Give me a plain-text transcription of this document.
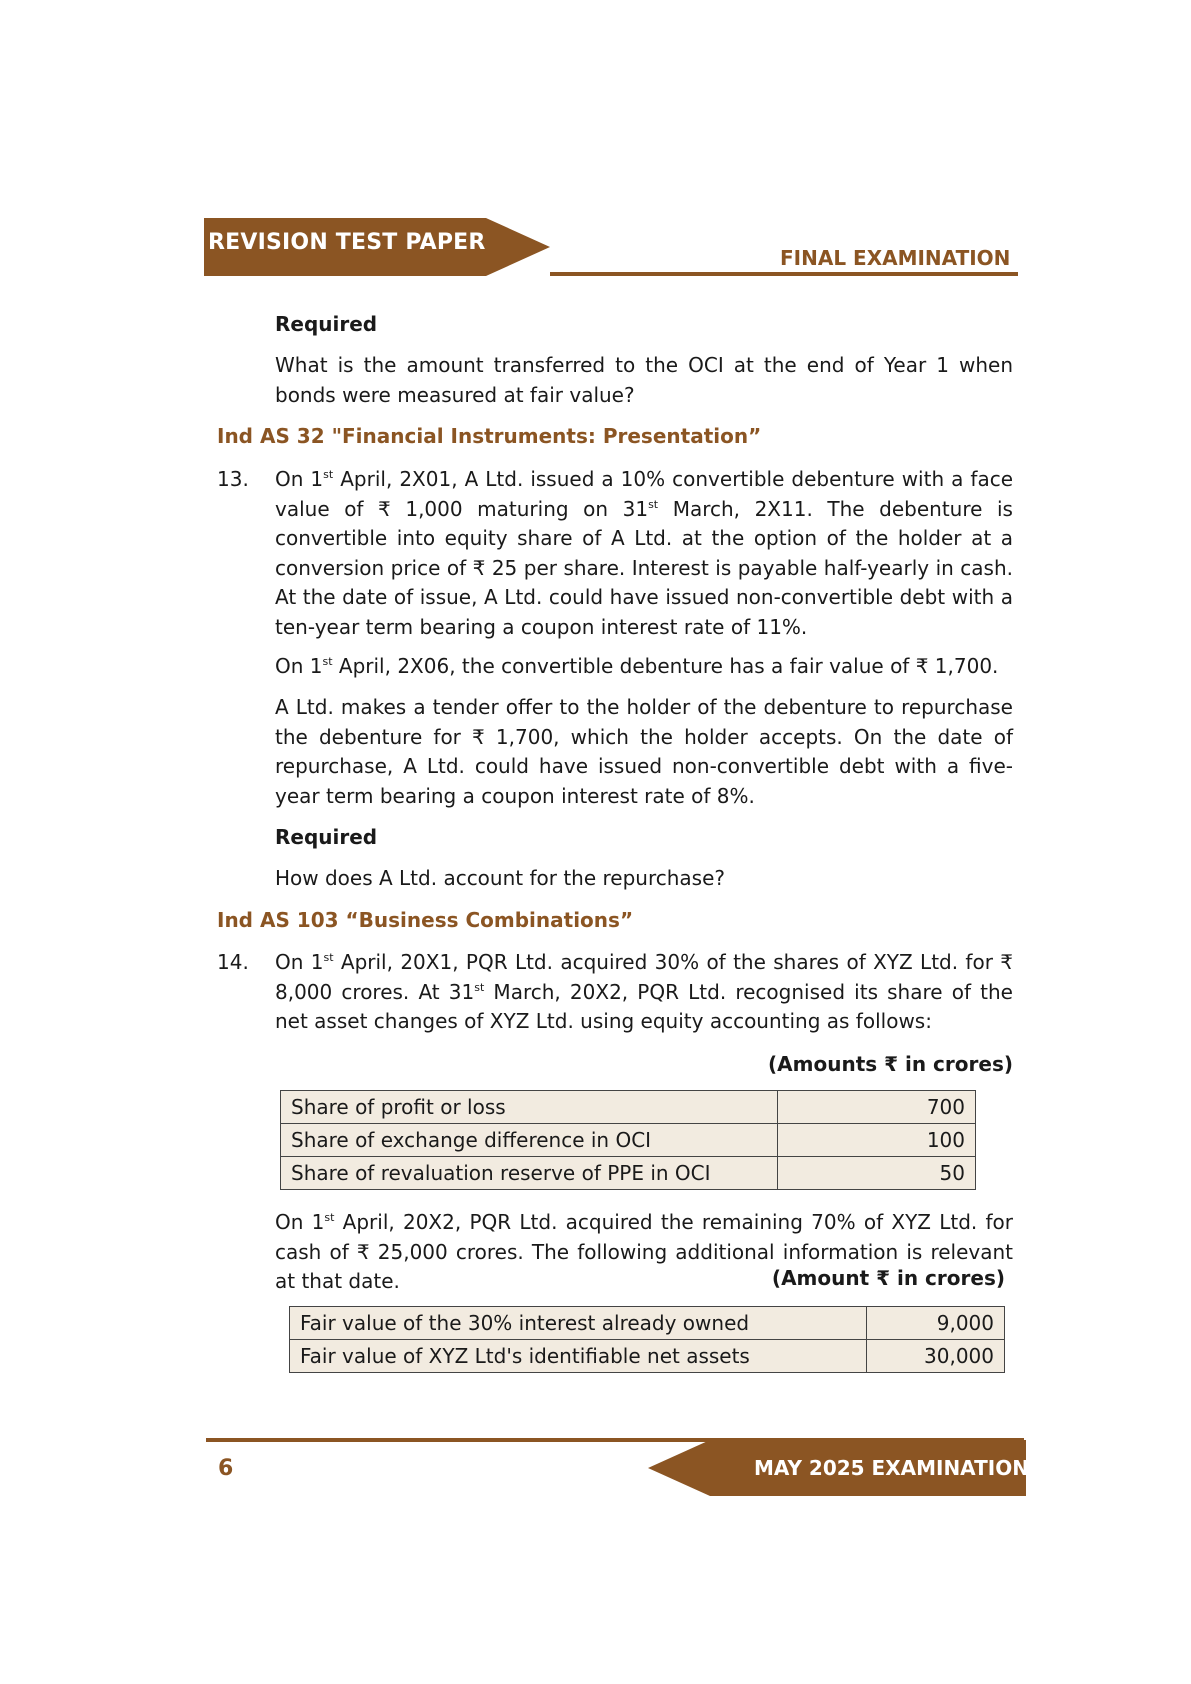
REVISION TEST PAPER
FINAL EXAMINATION
Required
What is the amount transferred to the OCI at the end of Year 1 when bonds were measured at fair value?
Ind AS 32 "Financial Instruments: Presentation”
13. On 1st April, 2X01, A Ltd. issued a 10% convertible debenture with a face value of ₹ 1,000 maturing on 31st March, 2X11. The debenture is convertible into equity share of A Ltd. at the option of the holder at a conversion price of ₹ 25 per share. Interest is payable half-yearly in cash. At the date of issue, A Ltd. could have issued non-convertible debt with a ten-year term bearing a coupon interest rate of 11%.
On 1st April, 2X06, the convertible debenture has a fair value of ₹ 1,700.
A Ltd. makes a tender offer to the holder of the debenture to repurchase the debenture for ₹ 1,700, which the holder accepts. On the date of repurchase, A Ltd. could have issued non-convertible debt with a five-year term bearing a coupon interest rate of 8%.
Required
How does A Ltd. account for the repurchase?
Ind AS 103 “Business Combinations”
14. On 1st April, 20X1, PQR Ltd. acquired 30% of the shares of XYZ Ltd. for ₹ 8,000 crores. At 31st March, 20X2, PQR Ltd. recognised its share of the net asset changes of XYZ Ltd. using equity accounting as follows:
(Amounts ₹ in crores)
Share of profit or loss	700
Share of exchange difference in OCI	100
Share of revaluation reserve of PPE in OCI	50
On 1st April, 20X2, PQR Ltd. acquired the remaining 70% of XYZ Ltd. for cash of ₹ 25,000 crores. The following additional information is relevant at that date.	(Amount ₹ in crores)
Fair value of the 30% interest already owned	9,000
Fair value of XYZ Ltd's identifiable net assets	30,000
MAY 2025 EXAMINATION
6
